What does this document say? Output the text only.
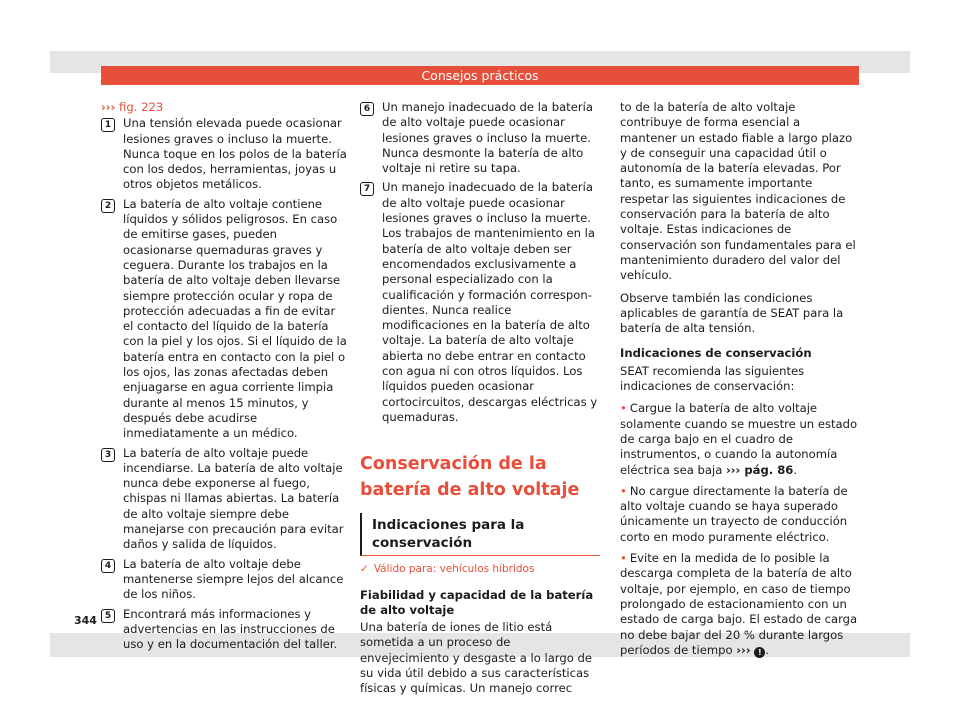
Consejos prácticos
››› fig. 223
1	Una tensión elevada puede ocasionar lesiones graves o incluso la muerte. Nunca toque en los polos de la batería con los dedos, herramientas, joyas u otros objetos metálicos.
2	La batería de alto voltaje contiene líquidos y sólidos peligrosos. En caso de emitirse gases, pueden ocasionarse quemaduras graves y ceguera. Durante los trabajos en la batería de alto voltaje deben llevarse siempre protección ocular y ropa de protección adecuadas a fin de evitar el contacto del líquido de la batería con la piel y los ojos. Si el líquido de la batería entra en contacto con la piel o los ojos, las zonas afectadas deben enjuagarse en agua corriente limpia durante al menos 15 minutos, y después debe acudirse inmediatamente a un médico.
3	La batería de alto voltaje puede incendiarse. La batería de alto voltaje nunca debe exponerse al fuego, chispas ni llamas abiertas. La batería de alto voltaje siempre debe manejarse con precaución para evitar daños y salida de líquidos.
4	La batería de alto voltaje debe mantenerse siempre lejos del alcance de los niños.
5	Encontrará más informaciones y advertencias en las instrucciones de uso y en la documentación del taller.
6	Un manejo inadecuado de la batería de alto voltaje puede ocasionar lesiones graves o incluso la muerte. Nunca desmonte la batería de alto voltaje ni retire su tapa.
7	Un manejo inadecuado de la batería de alto voltaje puede ocasionar lesiones graves o incluso la muerte. Los trabajos de mantenimiento en la batería de alto voltaje deben ser encomendados exclusivamente a personal especializado con la cualificación y formación correspondientes. Nunca realice modificaciones en la batería de alto voltaje. La batería de alto voltaje abierta no debe entrar en contacto con agua ni con otros líquidos. Los líquidos pueden ocasionar cortocircuitos, descargas eléctricas y quemaduras.
Conservación de la batería de alto voltaje
Indicaciones para la conservación
✓ Válido para: vehículos híbridos
Fiabilidad y capacidad de la batería de alto voltaje
Una batería de iones de litio está sometida a un proceso de envejecimiento y desgaste a lo largo de su vida útil debido a sus características físicas y químicas. Un manejo correc
to de la batería de alto voltaje contribuye de forma esencial a mantener un estado fiable a largo plazo y de conseguir una capacidad útil o autonomía de la batería elevadas. Por tanto, es sumamente importante respetar las siguientes indicaciones de conservación para la batería de alto voltaje. Estas indicaciones de conservación son fundamentales para el mantenimiento duradero del valor del vehículo.
Observe también las condiciones aplicables de garantía de SEAT para la batería de alta tensión.
Indicaciones de conservación
SEAT recomienda las siguientes indicaciones de conservación:
• Cargue la batería de alto voltaje solamente cuando se muestre un estado de carga bajo en el cuadro de instrumentos, o cuando la autonomía eléctrica sea baja ››› pág. 86.
• No cargue directamente la batería de alto voltaje cuando se haya superado únicamente un trayecto de conducción corto en modo puramente eléctrico.
• Evite en la medida de lo posible la descarga completa de la batería de alto voltaje, por ejemplo, en caso de tiempo prolongado de estacionamiento con un estado de carga bajo. El estado de carga no debe bajar del 20 % durante largos períodos de tiempo ››› ! .
344
